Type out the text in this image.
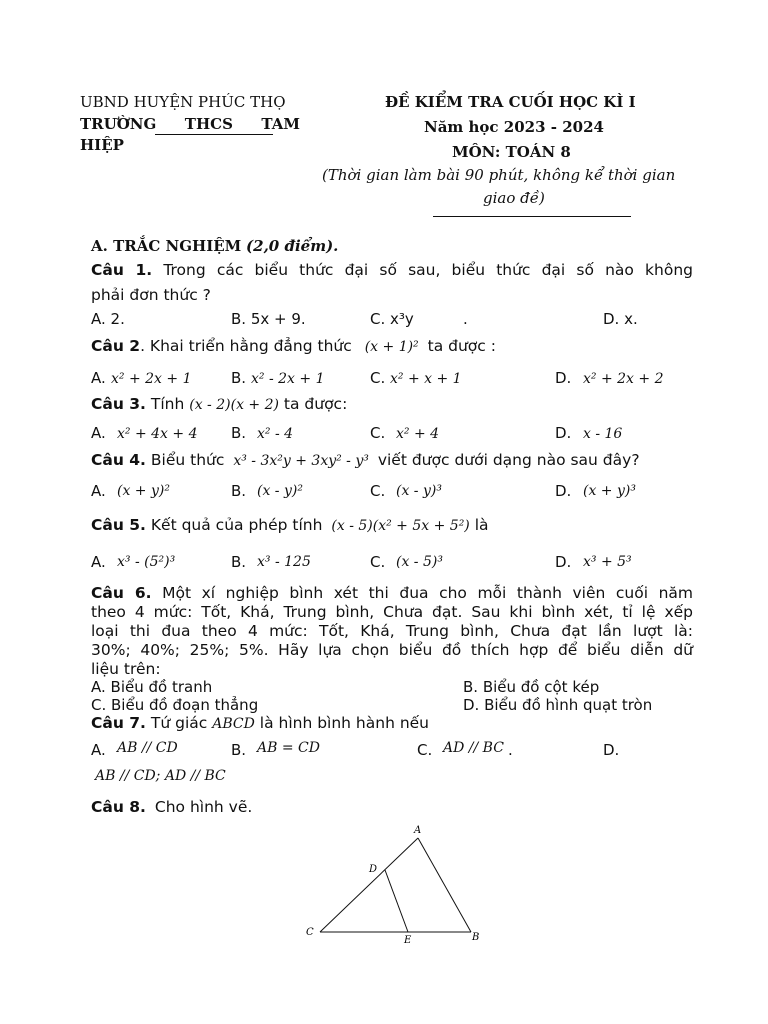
UBND HUYỆN PHÚC THỌ
TRƯỜNG THCS TAM
HIỆP
ĐỀ KIỂM TRA CUỐI HỌC KÌ I
Năm học 2023 - 2024
MÔN: TOÁN 8
(Thời gian làm bài 90 phút, không kể thời gian
giao đề)
A. TRẮC NGHIỆM (2,0 điểm).
Câu 1. Trong các biểu thức đại số sau, biểu thức đại số nào không
phải đơn thức ?
A. 2.	B. 5x + 9.	C. x³y	.	D. x.
Câu 2. Khai triển hằng đẳng thức (x + 1)² ta được :
A. x² + 2x + 1	B. x² - 2x + 1	C. x² + x + 1	D. x² + 2x + 2
Câu 3. Tính (x - 2)(x + 2) ta được:
A. x² + 4x + 4 B. x² - 4	C. x² + 4	D. x - 16
Câu 4. Biểu thức x³ - 3x²y + 3xy² - y³ viết được dưới dạng nào sau đây?
A. (x + y)²	B. (x - y)²	C. (x - y)³	D. (x + y)³
Câu 5. Kết quả của phép tính (x - 5)(x² + 5x + 5²) là
A. x³ - (5²)³	B. x³ - 125	C. (x - 5)³	D. x³ + 5³
Câu 6. Một xí nghiệp bình xét thi đua cho mỗi thành viên cuối năm
theo 4 mức: Tốt, Khá, Trung bình, Chưa đạt. Sau khi bình xét, tỉ lệ xếp
loại thi đua theo 4 mức: Tốt, Khá, Trung bình, Chưa đạt lần lượt là:
30%; 40%; 25%; 5%. Hãy lựa chọn biểu đồ thích hợp để biểu diễn dữ
liệu trên:
A. Biểu đồ tranh	B. Biểu đồ cột kép
C. Biểu đồ đoạn thẳng	D. Biểu đồ hình quạt tròn
Câu 7. Tứ giác ABCD là hình bình hành nếu
A. AB // CD	B. AB = CD	C. AD // BC .	D.
AB // CD; AD // BC
Câu 8. Cho hình vẽ.
A
B
C
D
E
